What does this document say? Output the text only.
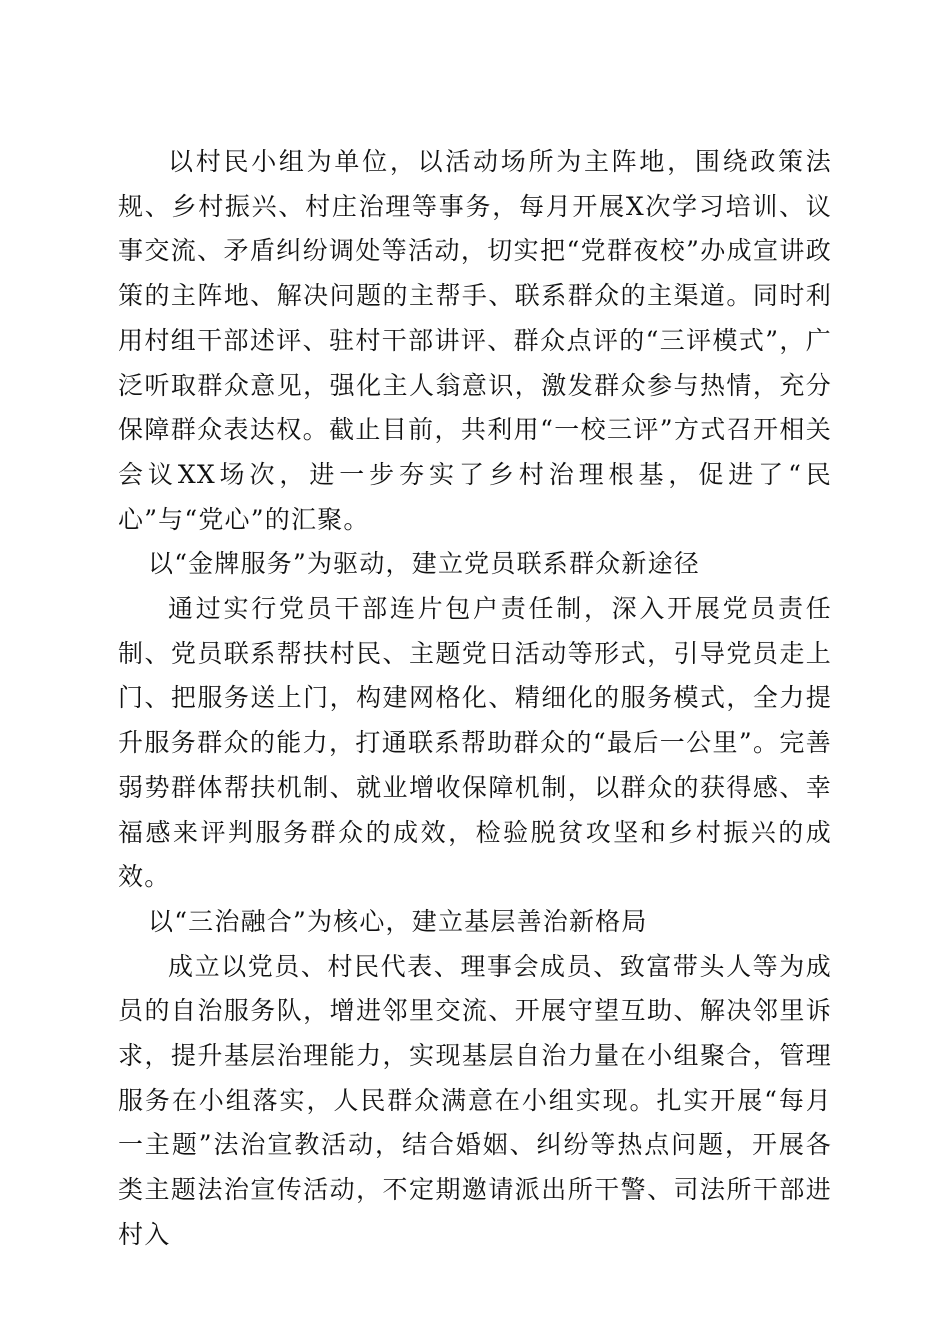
以村民小组为单位，以活动场所为主阵地，围绕政策法规、乡村振兴、村庄治理等事务，每月开展X次学习培训、议事交流、矛盾纠纷调处等活动，切实把“党群夜校”办成宣讲政策的主阵地、解决问题的主帮手、联系群众的主渠道。同时利用村组干部述评、驻村干部讲评、群众点评的“三评模式”，广泛听取群众意见，强化主人翁意识，激发群众参与热情，充分保障群众表达权。截止目前，共利用“一校三评”方式召开相关会议XX场次，进一步夯实了乡村治理根基，促进了“民心”与“党心”的汇聚。

以“金牌服务”为驱动，建立党员联系群众新途径

通过实行党员干部连片包户责任制，深入开展党员责任制、党员联系帮扶村民、主题党日活动等形式，引导党员走上门、把服务送上门，构建网格化、精细化的服务模式，全力提升服务群众的能力，打通联系帮助群众的“最后一公里”。完善弱势群体帮扶机制、就业增收保障机制，以群众的获得感、幸福感来评判服务群众的成效，检验脱贫攻坚和乡村振兴的成效。

以“三治融合”为核心，建立基层善治新格局

成立以党员、村民代表、理事会成员、致富带头人等为成员的自治服务队，增进邻里交流、开展守望互助、解决邻里诉求，提升基层治理能力，实现基层自治力量在小组聚合，管理服务在小组落实，人民群众满意在小组实现。扎实开展“每月一主题”法治宣教活动，结合婚姻、纠纷等热点问题，开展各类主题法治宣传活动，不定期邀请派出所干警、司法所干部进村入
